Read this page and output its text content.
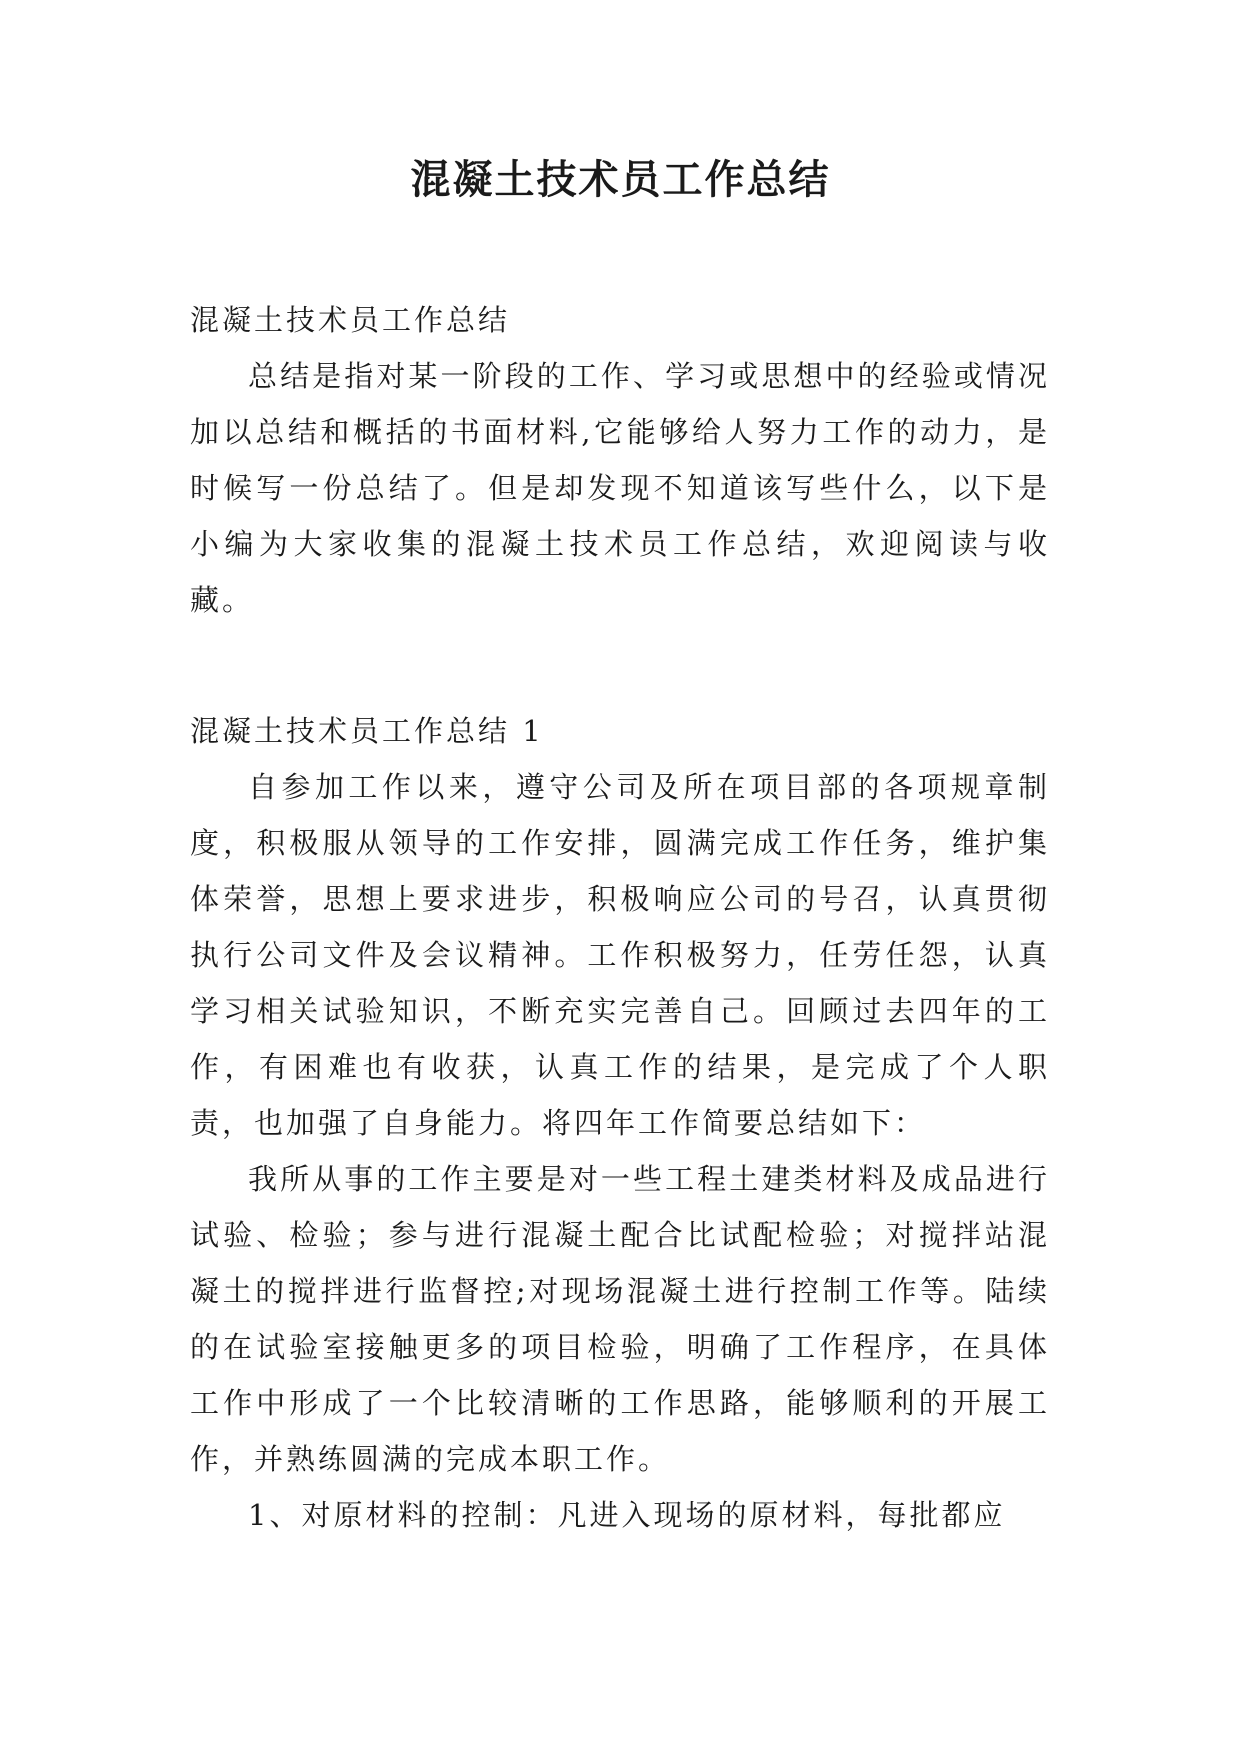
混凝土技术员工作总结

混凝土技术员工作总结

总结是指对某一阶段的工作、学习或思想中的经验或情况加以总结和概括的书面材料,它能够给人努力工作的动力，是时候写一份总结了。但是却发现不知道该写些什么，以下是小编为大家收集的混凝土技术员工作总结，欢迎阅读与收藏。

混凝土技术员工作总结 1

自参加工作以来，遵守公司及所在项目部的各项规章制度，积极服从领导的工作安排，圆满完成工作任务，维护集体荣誉，思想上要求进步，积极响应公司的号召，认真贯彻执行公司文件及会议精神。工作积极努力，任劳任怨，认真学习相关试验知识，不断充实完善自己。回顾过去四年的工作，有困难也有收获，认真工作的结果，是完成了个人职责，也加强了自身能力。将四年工作简要总结如下：

我所从事的工作主要是对一些工程土建类材料及成品进行试验、检验；参与进行混凝土配合比试配检验；对搅拌站混凝土的搅拌进行监督控;对现场混凝土进行控制工作等。陆续的在试验室接触更多的项目检验，明确了工作程序，在具体工作中形成了一个比较清晰的工作思路，能够顺利的开展工作，并熟练圆满的完成本职工作。

1、对原材料的控制：凡进入现场的原材料，每批都应
